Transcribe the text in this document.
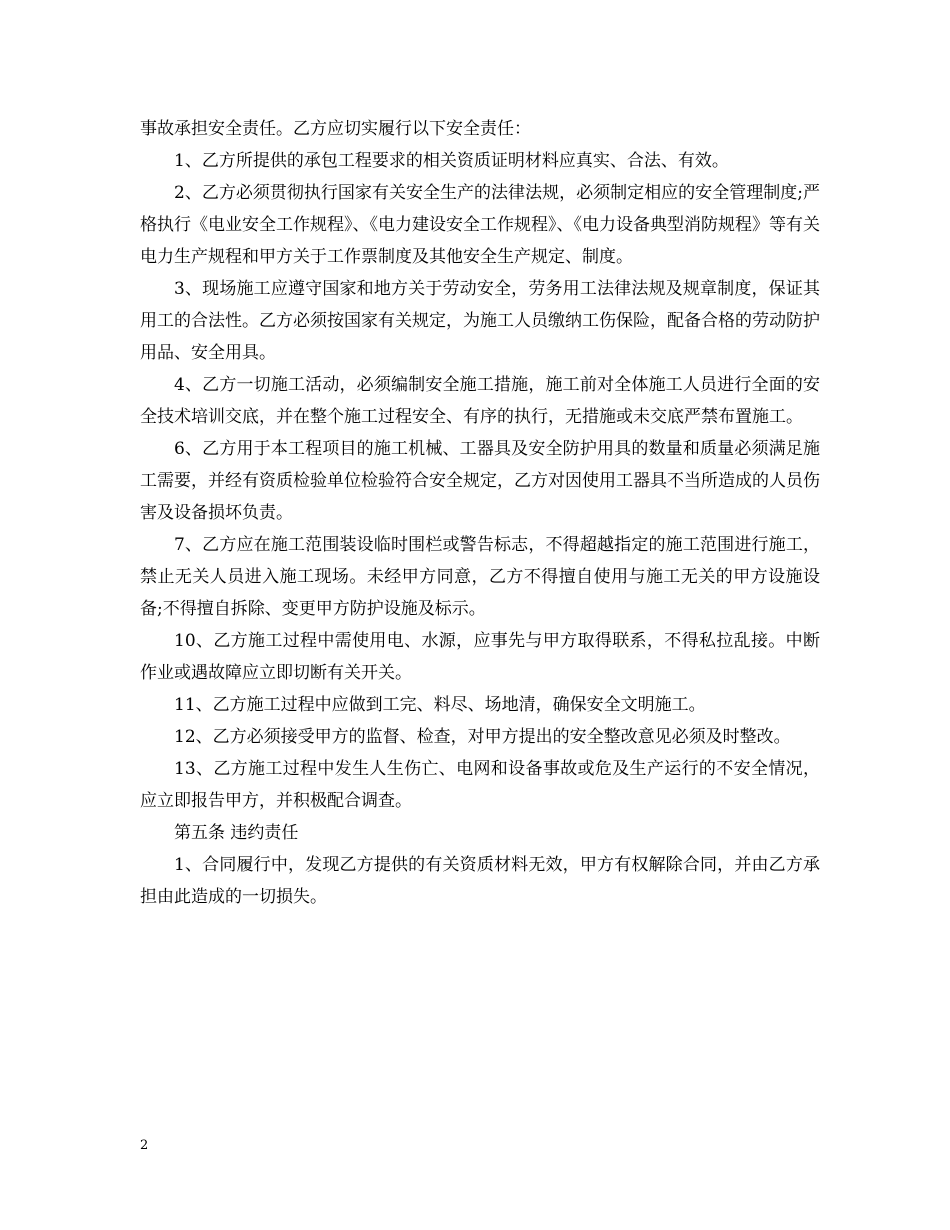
事故承担安全责任。乙方应切实履行以下安全责任：

1、乙方所提供的承包工程要求的相关资质证明材料应真实、合法、有效。

2、乙方必须贯彻执行国家有关安全生产的法律法规，必须制定相应的安全管理制度;严格执行《电业安全工作规程》、《电力建设安全工作规程》、《电力设备典型消防规程》等有关电力生产规程和甲方关于工作票制度及其他安全生产规定、制度。

3、现场施工应遵守国家和地方关于劳动安全，劳务用工法律法规及规章制度，保证其用工的合法性。乙方必须按国家有关规定，为施工人员缴纳工伤保险，配备合格的劳动防护用品、安全用具。

4、乙方一切施工活动，必须编制安全施工措施，施工前对全体施工人员进行全面的安全技术培训交底，并在整个施工过程安全、有序的执行，无措施或未交底严禁布置施工。

6、乙方用于本工程项目的施工机械、工器具及安全防护用具的数量和质量必须满足施工需要，并经有资质检验单位检验符合安全规定，乙方对因使用工器具不当所造成的人员伤害及设备损坏负责。

7、乙方应在施工范围装设临时围栏或警告标志，不得超越指定的施工范围进行施工，禁止无关人员进入施工现场。未经甲方同意，乙方不得擅自使用与施工无关的甲方设施设备;不得擅自拆除、变更甲方防护设施及标示。

10、乙方施工过程中需使用电、水源，应事先与甲方取得联系，不得私拉乱接。中断作业或遇故障应立即切断有关开关。

11、乙方施工过程中应做到工完、料尽、场地清，确保安全文明施工。

12、乙方必须接受甲方的监督、检查，对甲方提出的安全整改意见必须及时整改。

13、乙方施工过程中发生人生伤亡、电网和设备事故或危及生产运行的不安全情况，应立即报告甲方，并积极配合调查。

第五条 违约责任

1、合同履行中，发现乙方提供的有关资质材料无效，甲方有权解除合同，并由乙方承担由此造成的一切损失。

2
